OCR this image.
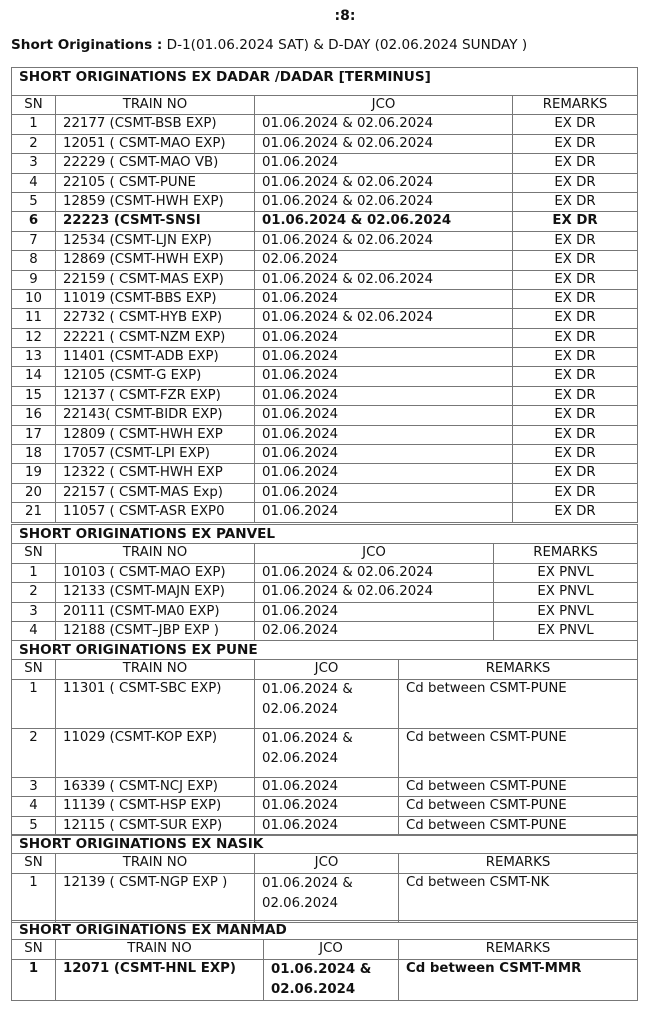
:8:
Short Originations : D-1(01.06.2024 SAT) & D-DAY (02.06.2024 SUNDAY )
SHORT ORIGINATIONS EX DADAR /DADAR [TERMINUS]			
SN	TRAIN NO	JCO	REMARKS
1	22177 (CSMT-BSB EXP)	01.06.2024 & 02.06.2024	EX DR
2	12051 ( CSMT-MAO EXP)	01.06.2024 & 02.06.2024	EX DR
3	22229 ( CSMT-MAO VB)	01.06.2024	EX DR
4	22105 ( CSMT-PUNE	01.06.2024 & 02.06.2024	EX DR
5	12859 (CSMT-HWH EXP)	01.06.2024 & 02.06.2024	EX DR
6	22223 (CSMT-SNSI	01.06.2024 & 02.06.2024	EX DR
7	12534 (CSMT-LJN EXP)	01.06.2024 & 02.06.2024	EX DR
8	12869 (CSMT-HWH EXP)	02.06.2024	EX DR
9	22159 ( CSMT-MAS EXP)	01.06.2024 & 02.06.2024	EX DR
10	11019 (CSMT-BBS EXP)	01.06.2024	EX DR
11	22732 ( CSMT-HYB EXP)	01.06.2024 & 02.06.2024	EX DR
12	22221 ( CSMT-NZM EXP)	01.06.2024	EX DR
13	11401 (CSMT-ADB EXP)	01.06.2024	EX DR
14	12105 (CSMT-G EXP)	01.06.2024	EX DR
15	12137 ( CSMT-FZR EXP)	01.06.2024	EX DR
16	22143( CSMT-BIDR EXP)	01.06.2024	EX DR
17	12809 ( CSMT-HWH EXP	01.06.2024	EX DR
18	17057 (CSMT-LPI EXP)	01.06.2024	EX DR
19	12322 ( CSMT-HWH EXP	01.06.2024	EX DR
20	22157 ( CSMT-MAS Exp)	01.06.2024	EX DR
21	11057 ( CSMT-ASR EXP0	01.06.2024	EX DR
SHORT ORIGINATIONS EX PANVEL			
SN	TRAIN NO	JCO	REMARKS
1	10103 ( CSMT-MAO EXP)	01.06.2024 & 02.06.2024	EX PNVL
2	12133 (CSMT-MAJN EXP)	01.06.2024 & 02.06.2024	EX PNVL
3	20111 (CSMT-MA0 EXP)	01.06.2024	EX PNVL
4	12188 (CSMT–JBP EXP )	02.06.2024	EX PNVL
SHORT ORIGINATIONS EX PUNE			
SN	TRAIN NO	JCO	REMARKS
1	11301 ( CSMT-SBC EXP)	01.06.2024 & 02.06.2024	Cd between CSMT-PUNE
2	11029 (CSMT-KOP EXP)	01.06.2024 & 02.06.2024	Cd between CSMT-PUNE
3	16339 ( CSMT-NCJ EXP)	01.06.2024	Cd between CSMT-PUNE
4	11139 ( CSMT-HSP EXP)	01.06.2024	Cd between CSMT-PUNE
5	12115 ( CSMT-SUR EXP)	01.06.2024	Cd between CSMT-PUNE
SHORT ORIGINATIONS EX NASIK			
SN	TRAIN NO	JCO	REMARKS
1	12139 ( CSMT-NGP EXP )	01.06.2024 & 02.06.2024	Cd between CSMT-NK
SHORT ORIGINATIONS EX MANMAD			
SN	TRAIN NO	JCO	REMARKS
1	12071 (CSMT-HNL EXP)	01.06.2024 & 02.06.2024	Cd between CSMT-MMR
